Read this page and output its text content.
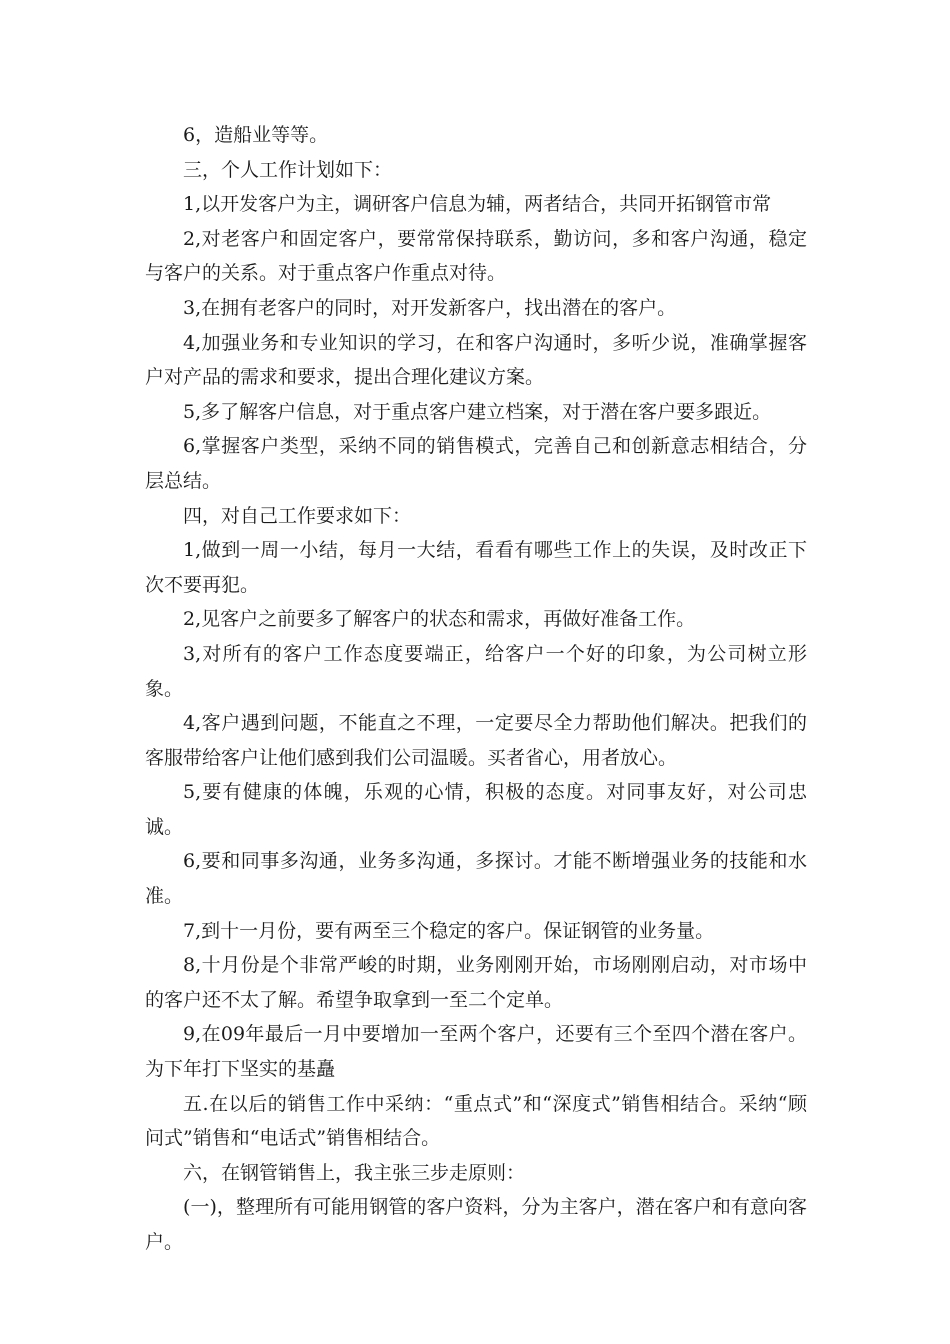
6，造船业等等。

三，个人工作计划如下：

1,以开发客户为主，调研客户信息为辅，两者结合，共同开拓钢管市常

2,对老客户和固定客户，要常常保持联系，勤访问，多和客户沟通，稳定与客户的关系。对于重点客户作重点对待。

3,在拥有老客户的同时，对开发新客户，找出潜在的客户。

4,加强业务和专业知识的学习，在和客户沟通时，多听少说，准确掌握客户对产品的需求和要求，提出合理化建议方案。

5,多了解客户信息，对于重点客户建立档案，对于潜在客户要多跟近。

6,掌握客户类型，采纳不同的销售模式，完善自己和创新意志相结合，分层总结。

四，对自己工作要求如下：

1,做到一周一小结，每月一大结，看看有哪些工作上的失误，及时改正下次不要再犯。

2,见客户之前要多了解客户的状态和需求，再做好准备工作。

3,对所有的客户工作态度要端正，给客户一个好的印象，为公司树立形象。

4,客户遇到问题，不能直之不理，一定要尽全力帮助他们解决。把我们的客服带给客户让他们感到我们公司温暖。买者省心，用者放心。

5,要有健康的体魄，乐观的心情，积极的态度。对同事友好，对公司忠诚。

6,要和同事多沟通，业务多沟通，多探讨。才能不断增强业务的技能和水准。

7,到十一月份，要有两至三个稳定的客户。保证钢管的业务量。

8,十月份是个非常严峻的时期，业务刚刚开始，市场刚刚启动，对市场中的客户还不太了解。希望争取拿到一至二个定单。

9,在09年最后一月中要增加一至两个客户，还要有三个至四个潜在客户。为下年打下坚实的基矗

五.在以后的销售工作中采纳：“重点式”和“深度式”销售相结合。采纳“顾问式”销售和“电话式”销售相结合。

六，在钢管销售上，我主张三步走原则：

(一)，整理所有可能用钢管的客户资料，分为主客户，潜在客户和有意向客户。
